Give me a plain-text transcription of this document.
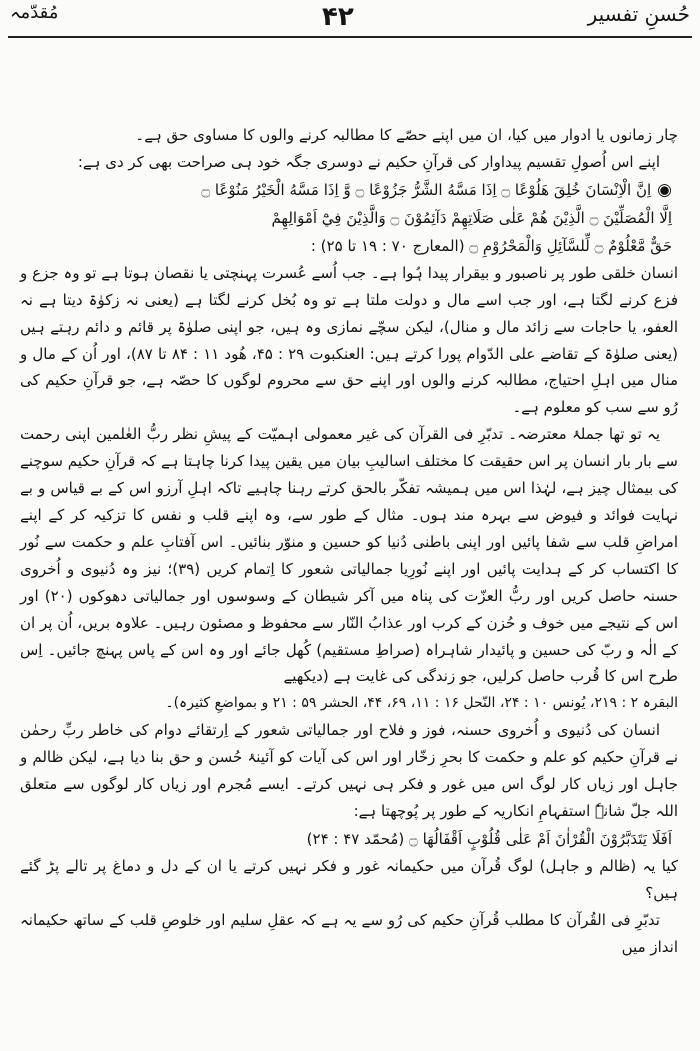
مُقدّمہ	۴۲	حُسنِ تفسیر

چار زمانوں یا ادوار میں کیا، ان میں اپنے حصّے کا مطالبہ کرنے والوں کا مساوی حق ہے۔

اپنے اس اُصولِ تقسیم پیداوار کی قرآنِ حکیم نے دوسری جگہ خود ہی صراحت بھی کر دی ہے:

◉اِنَّ الْاِنْسَانَ خُلِقَ هَلُوْعًا ۝ اِذَا مَسَّهُ الشَّرُّ جَزُوْعًا ۝ وَّ اِذَا مَسَّهُ الْخَيْرُ مَنُوْعًا ۝
اِلَّا الْمُصَلِّيْنَ ۝ الَّذِيْنَ هُمْ عَلٰى صَلَاتِهِمْ دَآئِمُوْنَ ۝ وَالَّذِيْنَ فِيْٓ اَمْوَالِهِمْ
حَقٌّ مَّعْلُوْمٌ ۝ لِّلسَّآئِلِ وَالْمَحْرُوْمِ ۝ (المعارج ۷۰ : ۱۹ تا ۲۵) :

انسان خلقی طور پر ناصبور و بیقرار پیدا ہُوا ہے۔ جب اُسے عُسرت پہنچتی یا نقصان ہوتا ہے تو وہ جزع و فزع کرنے لگتا ہے، اور جب اسے مال و دولت ملتا ہے تو وہ بُخل کرنے لگتا ہے (یعنی نہ زکوٰۃ دیتا ہے نہ العفو، یا حاجات سے زائد مال و منال)، لیکن سچّے نمازی وہ ہیں، جو اپنی صلوٰۃ پر قائم و دائم رہتے ہیں (یعنی صلوٰۃ کے تقاضے علی الدّوام پورا کرتے ہیں: العنکبوت ۲۹ : ۴۵، ھُود ۱۱ : ۸۴ تا ۸۷)، اور اُن کے مال و منال میں اہلِ احتیاج، مطالبہ کرنے والوں اور اپنے حق سے محروم لوگوں کا حصّہ ہے، جو قرآنِ حکیم کی رُو سے سب کو معلوم ہے۔

یہ تو تھا جملۂ معترضہ۔ تدبّرِ فی القرآن کی غیر معمولی اہمیّت کے پیشِ نظر ربُّ العٰلمین اپنی رحمت سے بار بار انسان پر اس حقیقت کا مختلف اسالیبِ بیان میں یقین پیدا کرنا چاہتا ہے کہ قرآنِ حکیم سوچنے کی بیمثال چیز ہے، لہٰذا اس میں ہمیشہ تفکّر بالحق کرتے رہنا چاہیے تاکہ اہلِ آرزو اس کے بے قیاس و بے نہایت فوائد و فیوض سے بہرہ مند ہوں۔ مثال کے طور سے، وہ اپنے قلب و نفس کا تزکیہ کر کے اپنے امراضِ قلب سے شفا پائیں اور اپنی باطنی دُنیا کو حسین و منوّر بنائیں۔ اس آفتابِ علم و حکمت سے نُور کا اکتساب کر کے ہدایت پائیں اور اپنے نُورِیا جمالیاتی شعور کا اِتمام کریں (۳۹)؛ نیز وہ دُنیوی و اُخروی حسنہ حاصل کریں اور ربُّ العزّت کی پناہ میں آکر شیطان کے وسوسوں اور جمالیاتی دھوکوں (۲۰) اور اس کے نتیجے میں خوف و حُزن کے کرب اور عذابُ النّار سے محفوظ و مصئون رہیں۔ علاوہ بریں، اُن پر ان کے الٰہ و ربّ کی حسین و پائیدار شاہراہ (صراطِ مستقیم) کُھل جائے اور وہ اس کے پاس پہنچ جائیں۔ اِس طرح اس کا قُرب حاصل کرلیں، جو زندگی کی غایت ہے (دیکھیے

البقرہ ۲ : ۲۱۹، یُونس ۱۰ : ۲۴، النّحل ۱۶ : ۱۱، ۶۹، ۴۴، الحشر ۵۹ : ۲۱ و بمواضعِ کثیرہ)۔

انسان کی دُنیوی و اُخروی حسنہ، فوز و فلاح اور جمالیاتی شعور کے اِرتقائے دوام کی خاطر ربِّ رحمٰن نے قرآنِ حکیم کو علم و حکمت کا بحرِ زخّار اور اس کی آیات کو آئینۂ حُسن و حق بنا دیا ہے، لیکن ظالم و جاہل اور زیاں کار لوگ اس میں غور و فکر ہی نہیں کرتے۔ ایسے مُجرم اور زیاں کار لوگوں سے متعلق اللہ جلّ شانہٗ استفہامِ انکاریہ کے طور پر پُوچھتا ہے:

اَفَلَا يَتَدَبَّرُوْنَ الْقُرْاٰنَ اَمْ عَلٰى قُلُوْبٍ اَقْفَالُهَا ۝ (مُحمّد ۴۷ : ۲۴)

کیا یہ (ظالم و جاہل) لوگ قُرآن میں حکیمانہ غور و فکر نہیں کرتے یا ان کے دل و دماغ پر تالے پڑ گئے ہیں؟

تدبّرِ فی القُرآن کا مطلب قُرآنِ حکیم کی رُو سے یہ ہے کہ عقلِ سلیم اور خلوصِ قلب کے ساتھ حکیمانہ انداز میں
